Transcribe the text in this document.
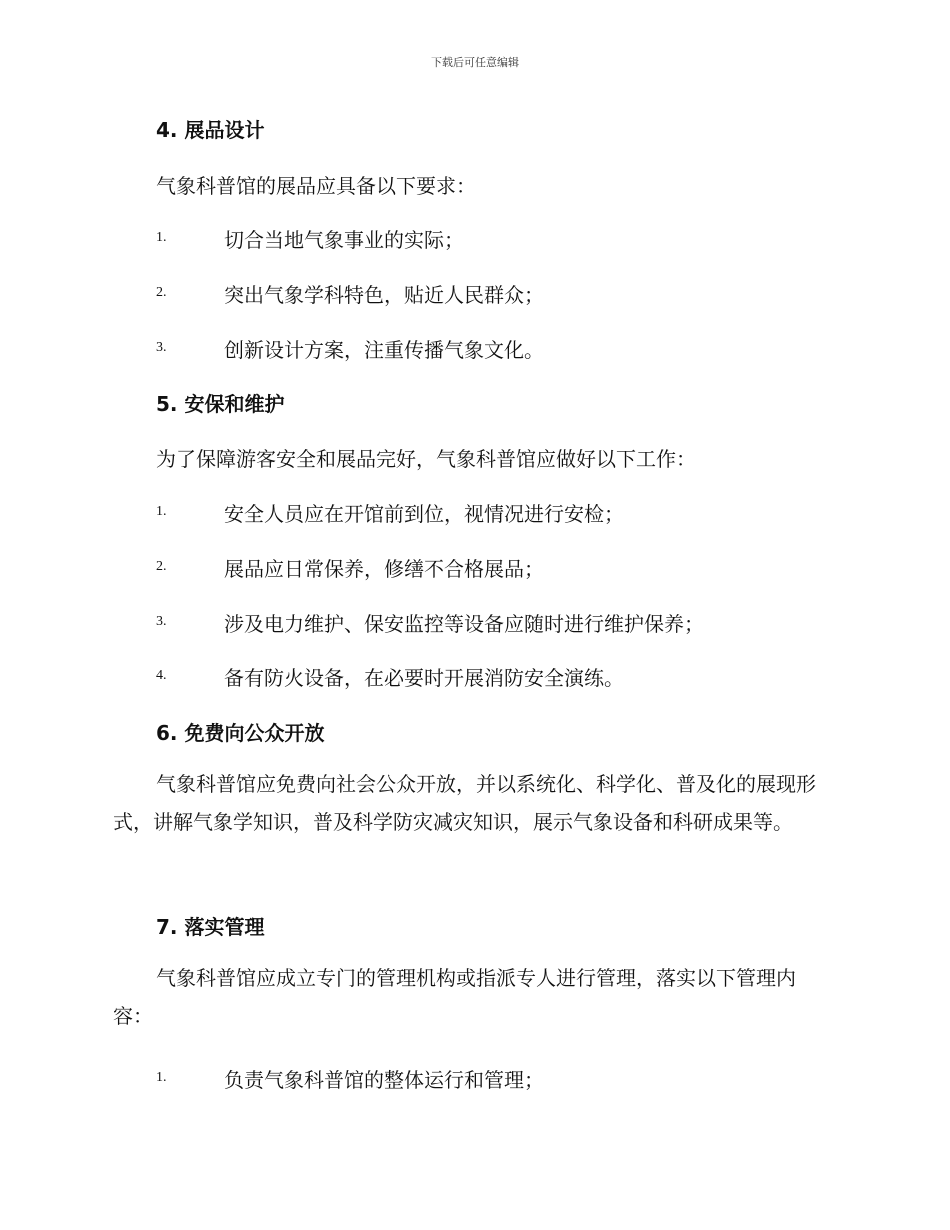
下载后可任意编辑
4. 展品设计
气象科普馆的展品应具备以下要求：
1.	切合当地气象事业的实际；
2.	突出气象学科特色，贴近人民群众；
3.	创新设计方案，注重传播气象文化。
5. 安保和维护
为了保障游客安全和展品完好，气象科普馆应做好以下工作：
1.	安全人员应在开馆前到位，视情况进行安检；
2.	展品应日常保养，修缮不合格展品；
3.	涉及电力维护、保安监控等设备应随时进行维护保养；
4.	备有防火设备，在必要时开展消防安全演练。
6. 免费向公众开放
气象科普馆应免费向社会公众开放，并以系统化、科学化、普及化的展现形式，讲解气象学知识，普及科学防灾减灾知识，展示气象设备和科研成果等。
7. 落实管理
气象科普馆应成立专门的管理机构或指派专人进行管理，落实以下管理内容：
1.	负责气象科普馆的整体运行和管理；
